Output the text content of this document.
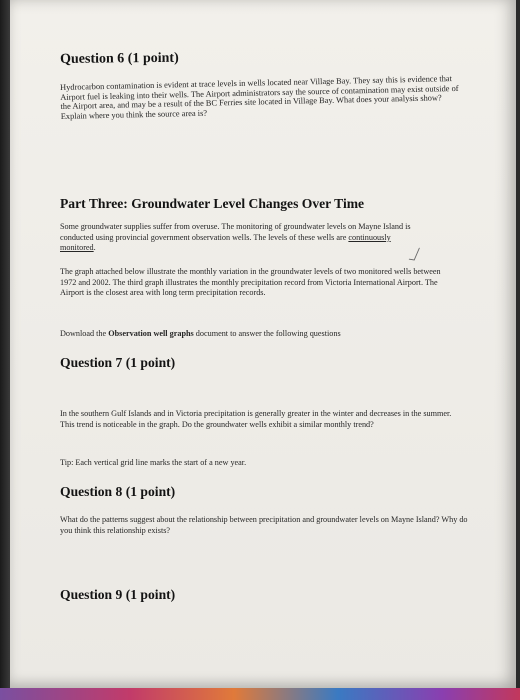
Question 6 (1 point)

Hydrocarbon contamination is evident at trace levels in wells located near Village Bay. They say this is evidence that Airport fuel is leaking into their wells. The Airport administrators say the source of contamination may exist outside of the Airport area, and may be a result of the BC Ferries site located in Village Bay. What does your analysis show? Explain where you think the source area is?

Part Three: Groundwater Level Changes Over Time

Some groundwater supplies suffer from overuse. The monitoring of groundwater levels on Mayne Island is conducted using provincial government observation wells. The levels of these wells are continuously monitored.

The graph attached below illustrate the monthly variation in the groundwater levels of two monitored wells between 1972 and 2002. The third graph illustrates the monthly precipitation record from Victoria International Airport. The Airport is the closest area with long term precipitation records.

Download the Observation well graphs document to answer the following questions

Question 7 (1 point)

In the southern Gulf Islands and in Victoria precipitation is generally greater in the winter and decreases in the summer. This trend is noticeable in the graph. Do the groundwater wells exhibit a similar monthly trend?

Tip: Each vertical grid line marks the start of a new year.

Question 8 (1 point)

What do the patterns suggest about the relationship between precipitation and groundwater levels on Mayne Island? Why do you think this relationship exists?

Question 9 (1 point)
